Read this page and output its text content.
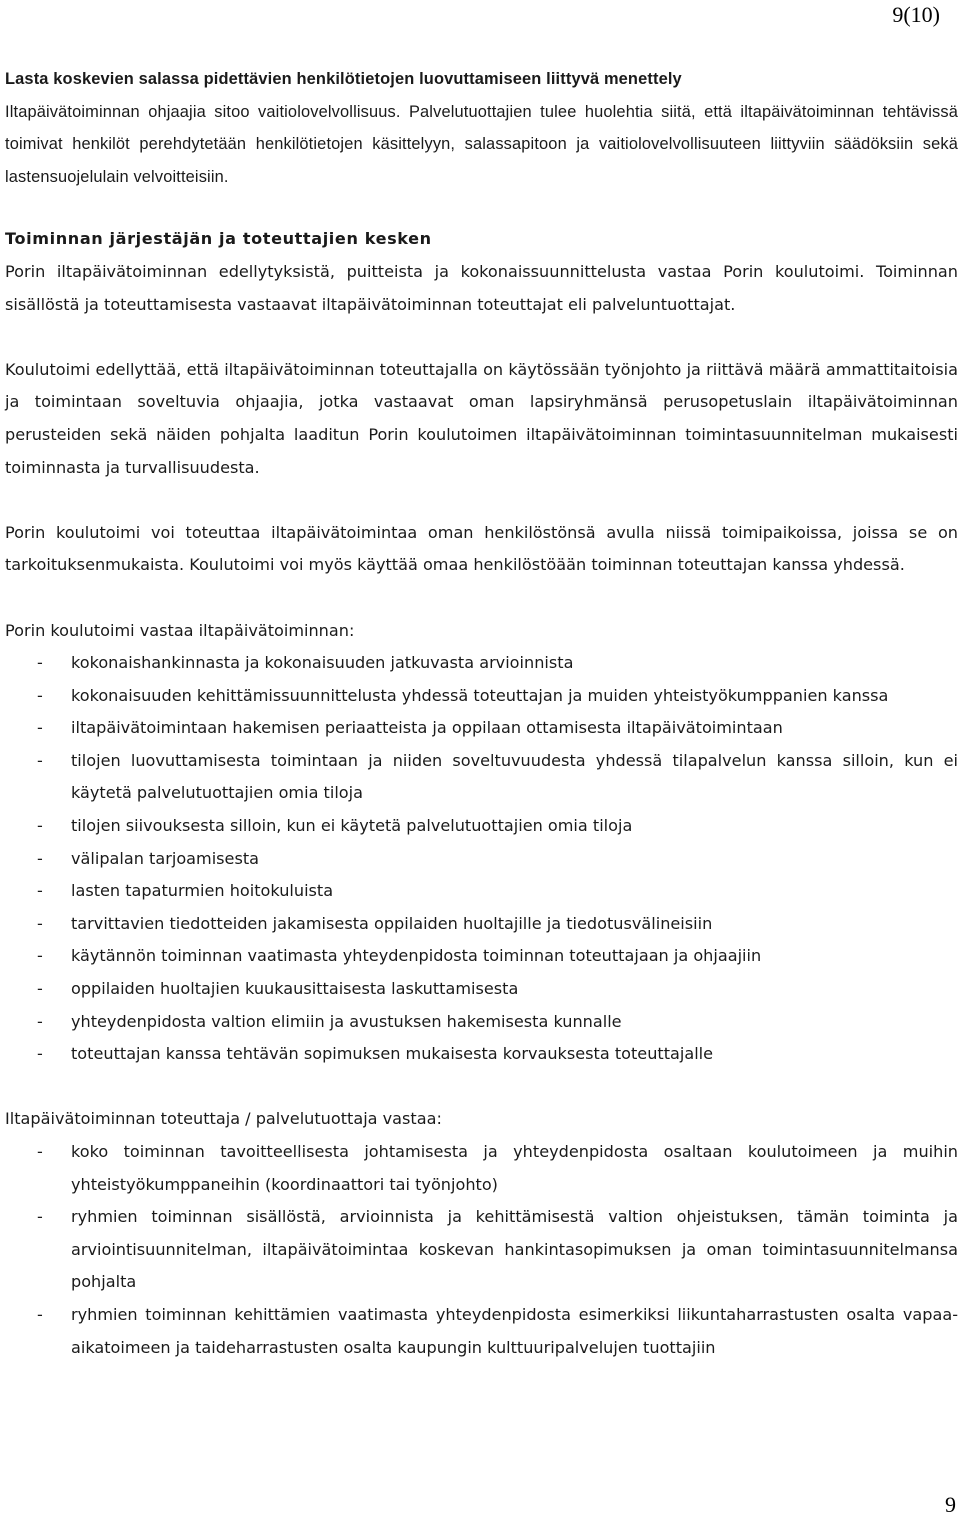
9(10)

Lasta koskevien salassa pidettävien henkilötietojen luovuttamiseen liittyvä menettely

Iltapäivätoiminnan ohjaajia sitoo vaitiolovelvollisuus. Palvelutuottajien tulee huolehtia siitä, että iltapäivätoiminnan tehtävissä toimivat henkilöt perehdytetään henkilötietojen käsittelyyn, salassapitoon ja vaitiolovelvollisuuteen liittyviin säädöksiin sekä lastensuojelulain velvoitteisiin.

Toiminnan järjestäjän ja toteuttajien kesken

Porin iltapäivätoiminnan edellytyksistä, puitteista ja kokonaissuunnittelusta vastaa Porin koulutoimi. Toiminnan sisällöstä ja toteuttamisesta vastaavat iltapäivätoiminnan toteuttajat eli palveluntuottajat.

Koulutoimi edellyttää, että iltapäivätoiminnan toteuttajalla on käytössään työnjohto ja riittävä määrä ammattitaitoisia ja toimintaan soveltuvia ohjaajia, jotka vastaavat oman lapsiryhmänsä perusopetuslain iltapäivätoiminnan perusteiden sekä näiden pohjalta laaditun Porin koulutoimen iltapäivätoiminnan toimintasuunnitelman mukaisesti toiminnasta ja turvallisuudesta.

Porin koulutoimi voi toteuttaa iltapäivätoimintaa oman henkilöstönsä avulla niissä toimipaikoissa, joissa se on tarkoituksenmukaista. Koulutoimi voi myös käyttää omaa henkilöstöään toiminnan toteuttajan kanssa yhdessä.

Porin koulutoimi vastaa iltapäivätoiminnan:

- kokonaishankinnasta ja kokonaisuuden jatkuvasta arvioinnista
- kokonaisuuden kehittämissuunnittelusta yhdessä toteuttajan ja muiden yhteistyökumppanien kanssa
- iltapäivätoimintaan hakemisen periaatteista ja oppilaan ottamisesta iltapäivätoimintaan
- tilojen luovuttamisesta toimintaan ja niiden soveltuvuudesta yhdessä tilapalvelun kanssa silloin, kun ei käytetä palvelutuottajien omia tiloja
- tilojen siivouksesta silloin, kun ei käytetä palvelutuottajien omia tiloja
- välipalan tarjoamisesta
- lasten tapaturmien hoitokuluista
- tarvittavien tiedotteiden jakamisesta oppilaiden huoltajille ja tiedotusvälineisiin
- käytännön toiminnan vaatimasta yhteydenpidosta toiminnan toteuttajaan ja ohjaajiin
- oppilaiden huoltajien kuukausittaisesta laskuttamisesta
- yhteydenpidosta valtion elimiin ja avustuksen hakemisesta kunnalle
- toteuttajan kanssa tehtävän sopimuksen mukaisesta korvauksesta toteuttajalle

Iltapäivätoiminnan toteuttaja / palvelutuottaja vastaa:

- koko toiminnan tavoitteellisesta johtamisesta ja yhteydenpidosta osaltaan koulutoimeen ja muihin yhteistyökumppaneihin (koordinaattori tai työnjohto)
- ryhmien toiminnan sisällöstä, arvioinnista ja kehittämisestä valtion ohjeistuksen, tämän toiminta ja arviointisuunnitelman, iltapäivätoimintaa koskevan hankintasopimuksen ja oman toimintasuunnitelmansa pohjalta
- ryhmien toiminnan kehittämien vaatimasta yhteydenpidosta esimerkiksi liikuntaharrastusten osalta vapaa-aikatoimeen ja taideharrastusten osalta kaupungin kulttuuripalvelujen tuottajiin
9
